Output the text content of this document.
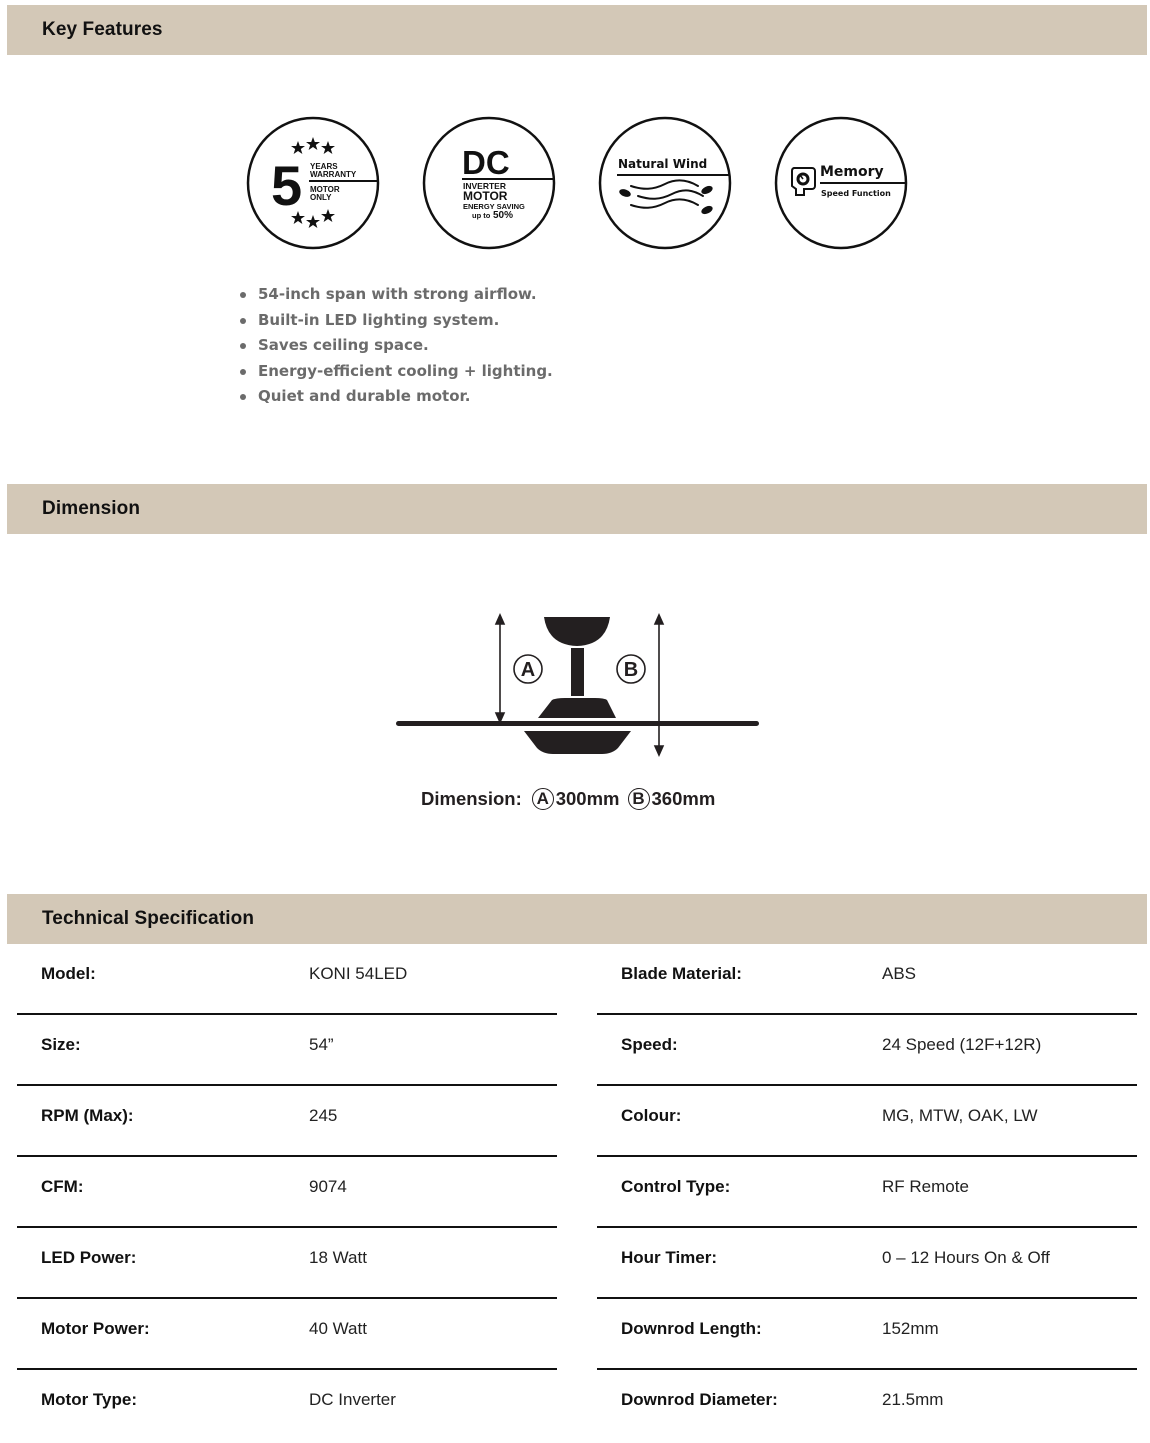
Key Features
5 YEARS
WARRANTY
MOTOR
ONLY
DC
INVERTER
MOTOR
ENERGY SAVING
up to 50%
Natural Wind	Memory
Speed Function
54-inch span with strong airflow.
Built-in LED lighting system.
Saves ceiling space.
Energy-efficient cooling + lighting.
Quiet and durable motor.
Dimension
A	B
Dimension: A 300mm B 360mm
Technical Specification
Model:	KONI 54LED
Size:	54”
RPM (Max):	245
CFM:	9074
LED Power:	18 Watt
Motor Power:	40 Watt
Motor Type:	DC Inverter
Blade Material:	ABS
Speed:	24 Speed (12F+12R)
Colour:	MG, MTW, OAK, LW
Control Type:	RF Remote
Hour Timer:	0 – 12 Hours On & Off
Downrod Length:	152mm
Downrod Diameter:	21.5mm
